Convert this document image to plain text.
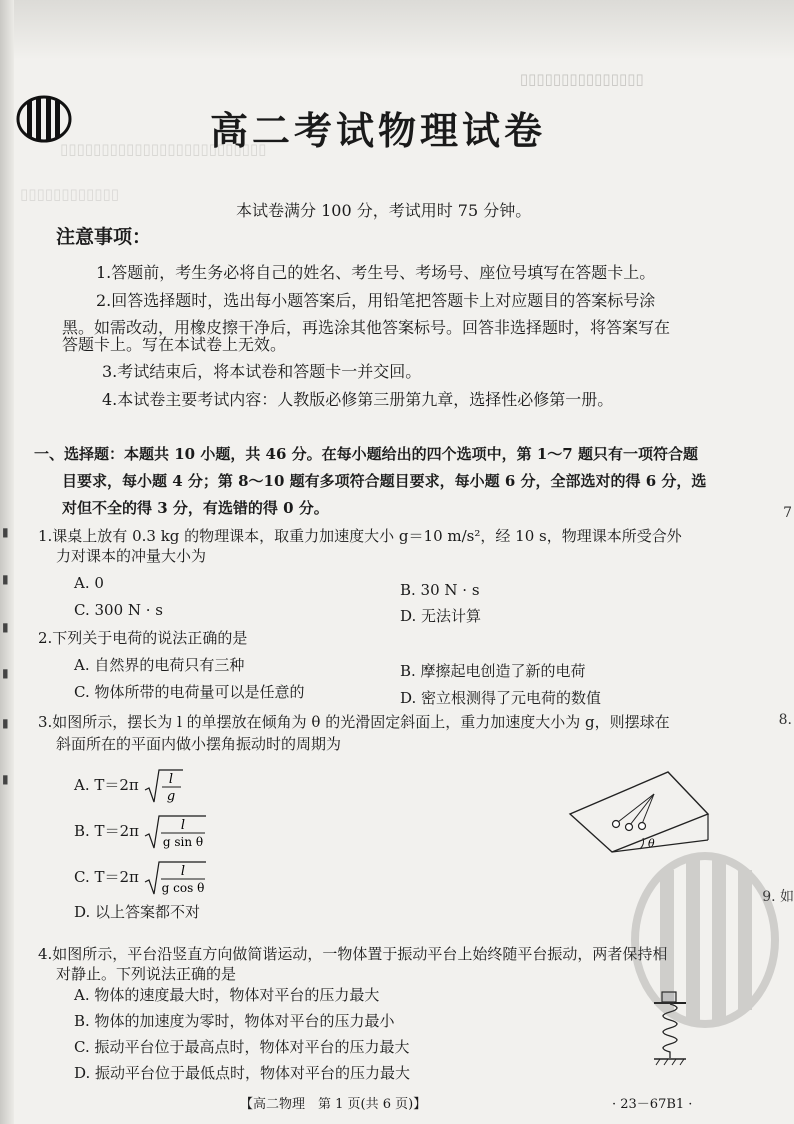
▯▯▯▯▯▯▯▯▯▯▯▯▯▯▯
▯▯▯▯▯▯▯▯▯▯▯▯▯▯▯▯▯▯▯▯▯▯▯▯▯
▯▯▯▯▯▯▯▯▯▯▯▯
高二考试物理试卷
本试卷满分 100 分，考试用时 75 分钟。
注意事项：
1.答题前，考生务必将自己的姓名、考生号、考场号、座位号填写在答题卡上。
2.回答选择题时，选出每小题答案后，用铅笔把答题卡上对应题目的答案标号涂
黑。如需改动，用橡皮擦干净后，再选涂其他答案标号。回答非选择题时，将答案写在
答题卡上。写在本试卷上无效。
3.考试结束后，将本试卷和答题卡一并交回。
4.本试卷主要考试内容：人教版必修第三册第九章，选择性必修第一册。
一、选择题：本题共 10 小题，共 46 分。在每小题给出的四个选项中，第 1～7 题只有一项符合题
目要求，每小题 4 分；第 8～10 题有多项符合题目要求，每小题 6 分，全部选对的得 6 分，选
对但不全的得 3 分，有选错的得 0 分。
1.课桌上放有 0.3 kg 的物理课本，取重力加速度大小 g＝10 m/s²，经 10 s，物理课本所受合外
力对课本的冲量大小为
A. 0	B. 30 N · s
C. 300 N · s	D. 无法计算
2.下列关于电荷的说法正确的是
A. 自然界的电荷只有三种	B. 摩擦起电创造了新的电荷
C. 物体所带的电荷量可以是任意的	D. 密立根测得了元电荷的数值
3.如图所示，摆长为 l 的单摆放在倾角为 θ 的光滑固定斜面上，重力加速度大小为 g，则摆球在
斜面所在的平面内做小摆角振动时的周期为
A. T＝2π l
g
B. T＝2π	l
g sin θ
C. T＝2π	l
g cos θ
D. 以上答案都不对
θ
4.如图所示，平台沿竖直方向做简谐运动，一物体置于振动平台上始终随平台振动，两者保持相
对静止。下列说法正确的是
A. 物体的速度最大时，物体对平台的压力最大
B. 物体的加速度为零时，物体对平台的压力最小
C. 振动平台位于最高点时，物体对平台的压力最大
D. 振动平台位于最低点时，物体对平台的压力最大
▮
▮
▮
▮
▮
▮
7
8.
9. 如
【高二物理　第 1 页(共 6 页)】	· 23－67B1 ·
